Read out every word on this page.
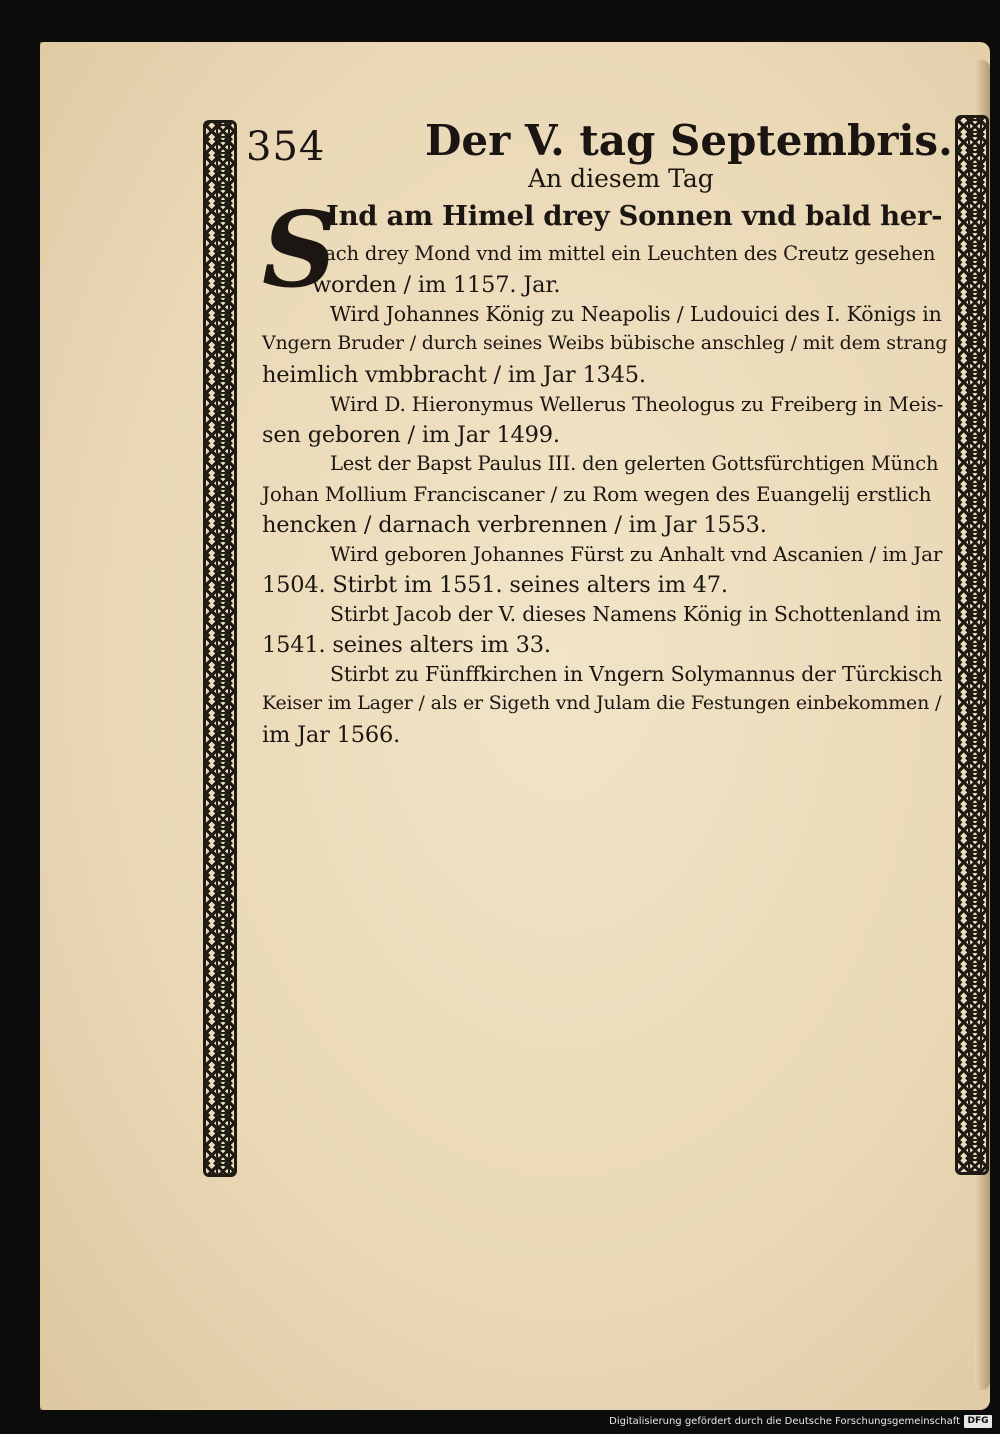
354 Der V. tag Septembris.
An diesem Tag
S
Ind am Himel drey Sonnen vnd bald her-
nach drey Mond vnd im mittel ein Leuchten des Creutz gesehen
worden / im 1157. Jar.
Wird Johannes König zu Neapolis / Ludouici des I. Königs in
Vngern Bruder / durch seines Weibs bübische anschleg / mit dem strang
heimlich vmbbracht / im Jar 1345.
Wird D. Hieronymus Wellerus Theologus zu Freiberg in Meis-
sen geboren / im Jar 1499.
Lest der Bapst Paulus III. den gelerten Gottsfürchtigen Münch
Johan Mollium Franciscaner / zu Rom wegen des Euangelij erstlich
hencken / darnach verbrennen / im Jar 1553.
Wird geboren Johannes Fürst zu Anhalt vnd Ascanien / im Jar
1504. Stirbt im 1551. seines alters im 47.
Stirbt Jacob der V. dieses Namens König in Schottenland im
1541. seines alters im 33.
Stirbt zu Fünffkirchen in Vngern Solymannus der Türckisch
Keiser im Lager / als er Sigeth vnd Julam die Festungen einbekommen /
im Jar 1566.
Digitalisierung gefördert durch die Deutsche Forschungsgemeinschaft DFG
